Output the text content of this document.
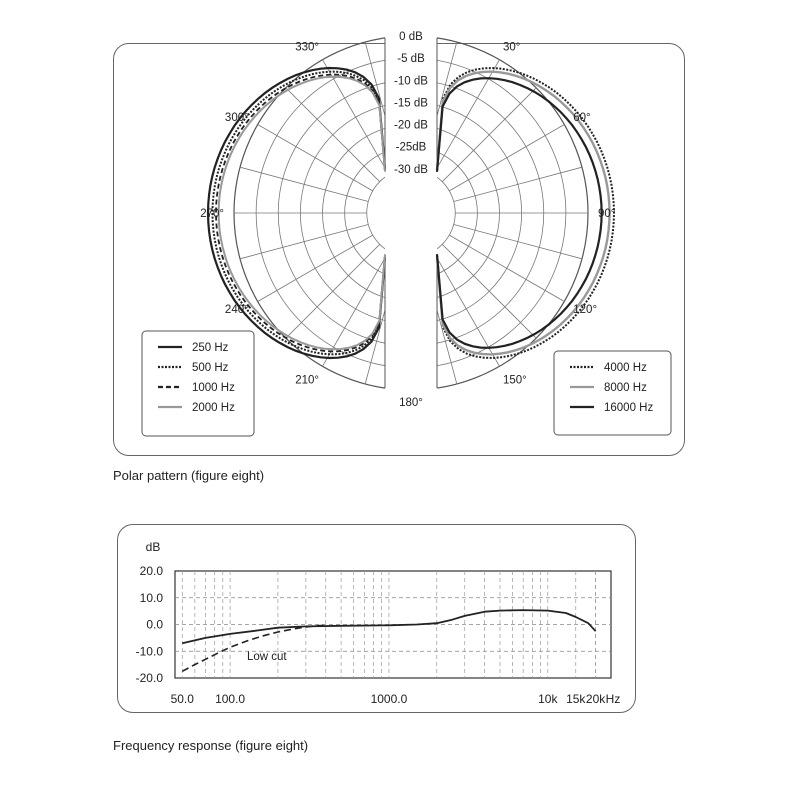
0 dB
-5 dB
-10 dB
-15 dB
-20 dB
-25dB
-30 dB
30°
60°
90°
120°
150°
180°
210°
240°
270°
300°
330°
250 Hz
500 Hz
1000 Hz
2000 Hz
4000 Hz
8000 Hz
16000 Hz
20.0
10.0
0.0
-10.0
-20.0
dB
50.0 100.0	1000.0	10k 15k 20k Hz
Low cut
Polar pattern (figure eight)
Frequency response (figure eight)
